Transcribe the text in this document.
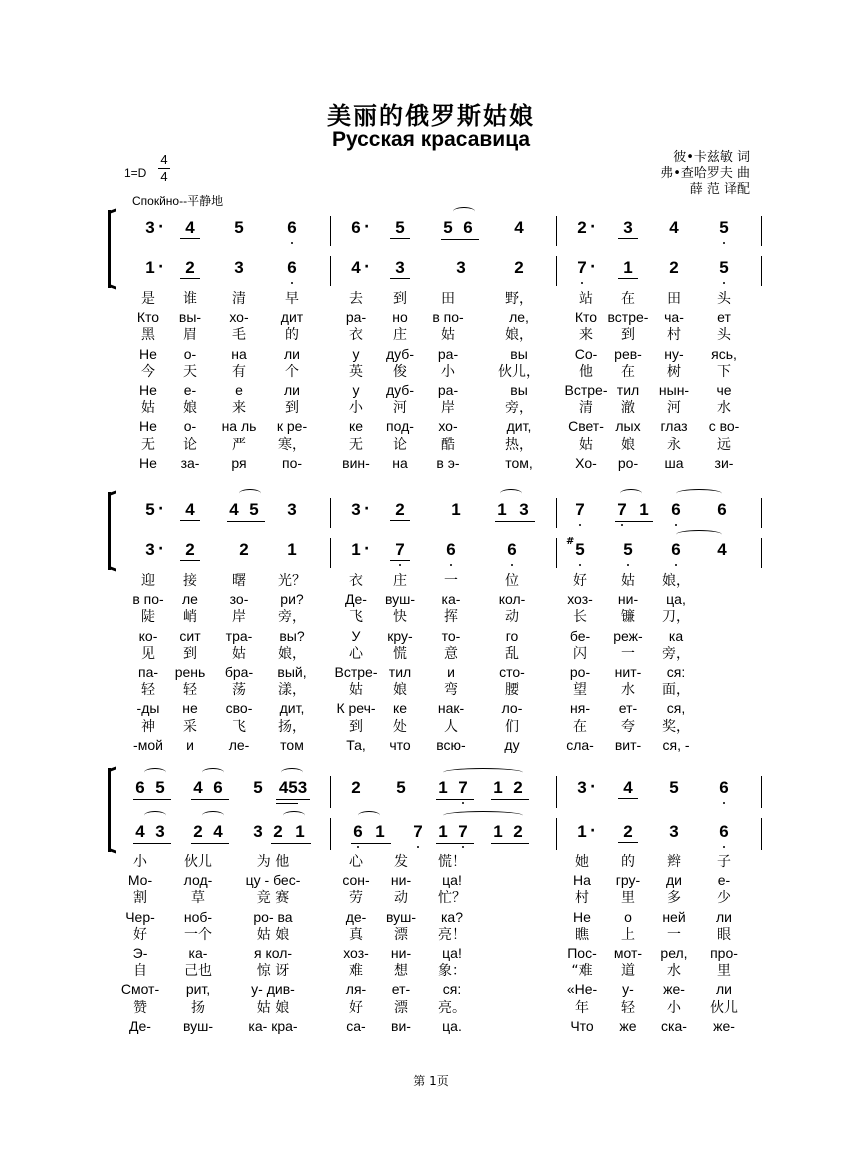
美丽的俄罗斯姑娘
Русская красавица
彼•卡兹敏 词
弗•查哈罗夫 曲
薛 范 译配
1=D
4
4
Спокйно--平静地
3 ·	4	5	6	6 ·	5	5 6	4	2 ·	3	4	5
1 ·	2	3	6	4 ·	3	3	2	7 ·	1	2	5
是	谁	清	早	去	到	田	野，	站	在	田	头
Кто	вы-	хо-	дит	ра-	но	в по-	ле,	Кто встре-	ча-	ет
黑	眉	毛	的	衣	庄	姑	娘，	来	到	村	头
Не	о-	на	ли	у	дуб-	ра-	вы	Со-	рев-	ну-	ясь,
今	天	有	个	英	俊	小	伙儿，	他	在	树	下
Не	е-	е	ли	у	дуб-	ра-	вы	Встре- тил	нын-	че
姑	娘	来	到	小	河	岸	旁，	清	澈	河	水
Не	о-	на ль	к ре-	ке	под-	хо-	дит,	Свет- лых	глаз	с во-
无	论	严	寒，	无	论	酷	热，	姑	娘	永	远
Не	за-	ря	по-	вин-	на	в э-	том,	Хо-	ро-	ша	зи-
5 ·	4	4 5	3	3 ·	2	1	1 3	7	7 1	6	6
3 ·	2	2	1	1 ·	7	6	6	# 5	5	6	4
迎	接	曙	光？	衣	庄	一	位	好	姑	娘，
в по-	ле	зо-	ри?	Де-	вуш-	ка-	кол-	хоз-	ни-	ца,
陡	峭	岸	旁，	飞	快	挥	动	长	镰	刀，
ко-	сит	тра-	вы?	У	кру-	то-	го	бе-	реж-	ка
见	到	姑	娘，	心	慌	意	乱	闪	一	旁，
па-	рень	бра-	вый,	Встре- тил	и	сто-	ро-	нит-	ся:
轻	轻	荡	漾，	姑	娘	弯	腰	望	水	面，
-ды	не	сво-	дит,	К реч-	ке	нак-	ло-	ня-	ет-	ся,
神	采	飞	扬，	到	处	人	们	在	夸	奖，
-мой	и	ле-	том	Та,	что	всю-	ду	сла-	вит-	ся, -
6 5	4 6	5 453	2	5	1 7	1 2	3 ·	4	5	6
4 3	2 4	3 2 1	6 1	7 1 7	1 2	1 ·	2	3	6
小	伙儿	为 他	心	发	慌！	她	的	辫	子
Мо-	лод-	цу - бес-	сон-	ни-	ца!	На	гру-	ди	е-
割	草	竞 赛	劳	动	忙？	村	里	多	少
Чер-	ноб-	ро- ва	де-	вуш-	ка?	Не	о	ней	ли
好	一个	姑 娘	真	漂	亮！	瞧	上	一	眼
Э-	ка-	я кол-	хоз-	ни-	ца!	Пос-	мот-	рел,	про-
自	己也	惊 讶	难	想	象：	“难	道	水	里
Смот-	рит,	у- див-	ля-	ет-	ся:	«Не-	у-	же-	ли
赞	扬	姑 娘	好	漂	亮。	年	轻	小	伙儿
Де-	вуш-	ка- кра-	са-	ви-	ца.	Что	же	ска-	же-
第 1页
